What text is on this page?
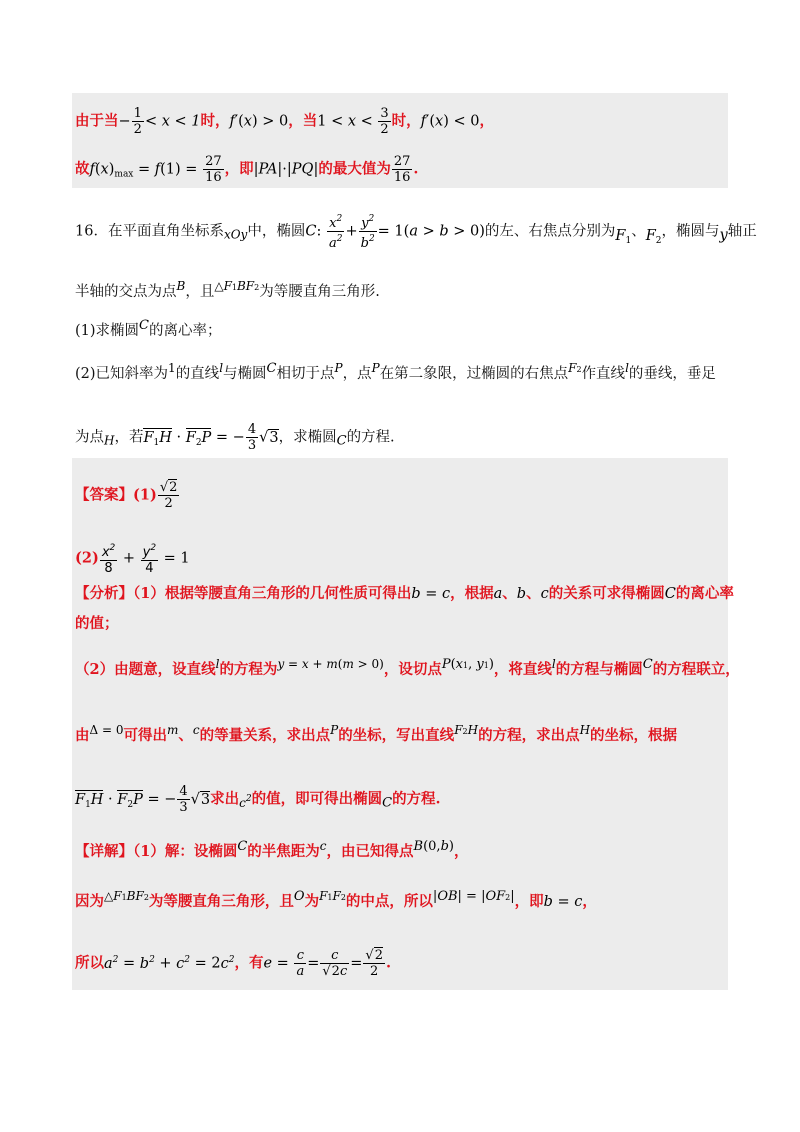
由于当− $\frac{1}{2} < x < 1$时，f′(x) > 0，当$1 < x < \frac{3}{2}$ 时，f′(x) < 0，
故$f(x)_{max} = f(1) = \frac{27}{16}$ ，即|PA|·|PQ|的最大值为 $\frac{27}{16}$ .
16．在平面直角坐标系$_{xOy}$中，椭圆C: $\frac{x^2}{a^2} + \frac{y^2}{b^2} = 1(a > b > 0)$的左、右焦点分别为$F_1$、$F_2$，椭圆与y轴正
半轴的交点为点$^B$，且$^{\triangle F1BF2}$为等腰直角三角形.
(1)求椭圆C的离心率；
(2)已知斜率为$^1$的直线$^l$与椭圆C相切于点$^P$，点$^P$在第二象限，过椭圆的右焦点$^{F2}$作直线$^l$的垂线，垂足
为点$_H$，若$F_1H \cdot F_2P$ = − $\frac{4}{3} √3$，求椭圆C的方程.
【答案】$(1) \frac{√2}{2}$
$(2) \frac{x^2}{8} + \frac{y^2}{4} = 1$
【分析】（1）根据等腰直角三角形的几何性质可得出b = c，根据a、b、c的关系可求得椭圆C的离心率
的值；
（2）由题意，设直线$^l$的方程为$^{y = x + m(m > 0)}$，设切点P(x1, y1)，将直线$^l$的方程与椭圆C的方程联立，
由$^{\Delta = 0}$可得出$^m$、$^c$的等量关系，求出点$^P$的坐标，写出直线$^{F2H}$的方程，求出点$^H$的坐标，根据
$F_1H \cdot F_2P$ = − $\frac{4}{3} √3$求出$_{c^2}$的值，即可得出椭圆C的方程.
【详解】（1）解：设椭圆C的半焦距为$^c$，由已知得点B(0,b)，
因为$^{\triangle F1BF2}$为等腰直角三角形，且O为$^{F1F2}$的中点，所以|OB| = |OF2|，即b = c，
所以$a^2 = b^2 + c^2 = 2c^2$，有$e = \frac{c}{a} = \frac{c}{√2c} = \frac{√2}{2}$ .
